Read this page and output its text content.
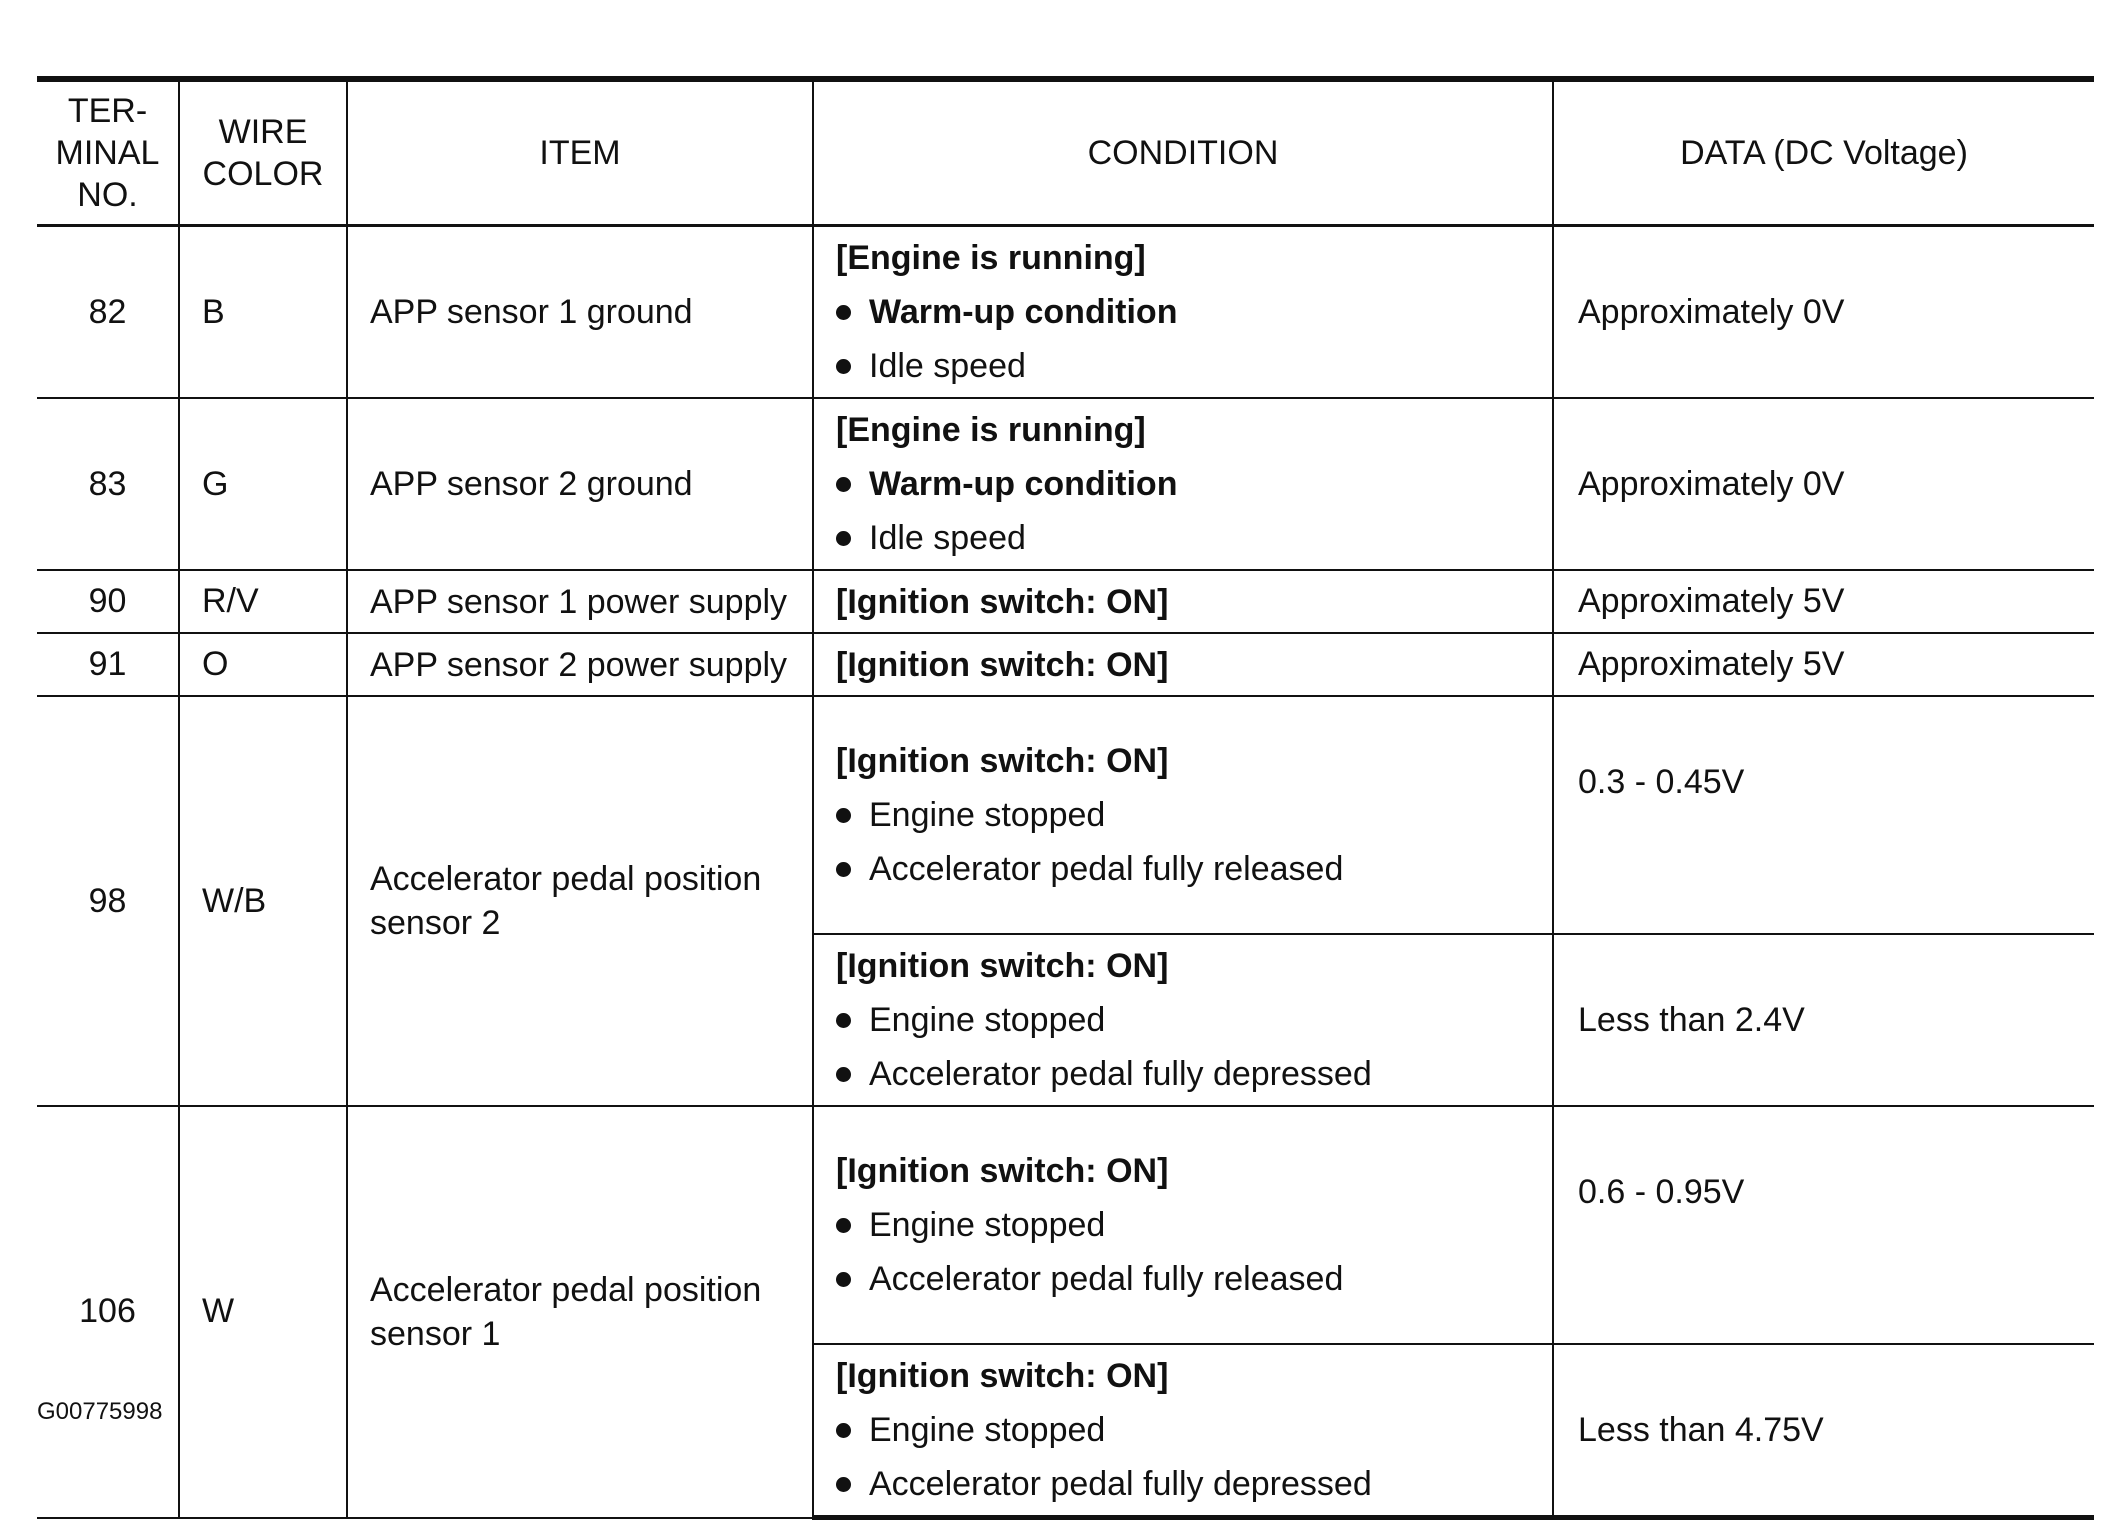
TER-
MINAL
NO.	WIRE
COLOR	ITEM	CONDITION	DATA (DC Voltage)
82	B	APP sensor 1 ground	[Engine is running]
Warm-up condition
Idle speed	Approximately 0V
83	G	APP sensor 2 ground	[Engine is running]
Warm-up condition
Idle speed	Approximately 0V
90	R/V	APP sensor 1 power supply	[Ignition switch: ON]	Approximately 5V
91	O	APP sensor 2 power supply	[Ignition switch: ON]	Approximately 5V
98	W/B	Accelerator pedal position sensor 2	[Ignition switch: ON]
Engine stopped
Accelerator pedal fully released	0.3 - 0.45V

			[Ignition switch: ON]
Engine stopped
Accelerator pedal fully depressed	Less than 2.4V
106	W	Accelerator pedal position sensor 1	[Ignition switch: ON]
Engine stopped
Accelerator pedal fully released	0.6 - 0.95V

			[Ignition switch: ON]
Engine stopped
Accelerator pedal fully depressed	Less than 4.75V
G00775998
